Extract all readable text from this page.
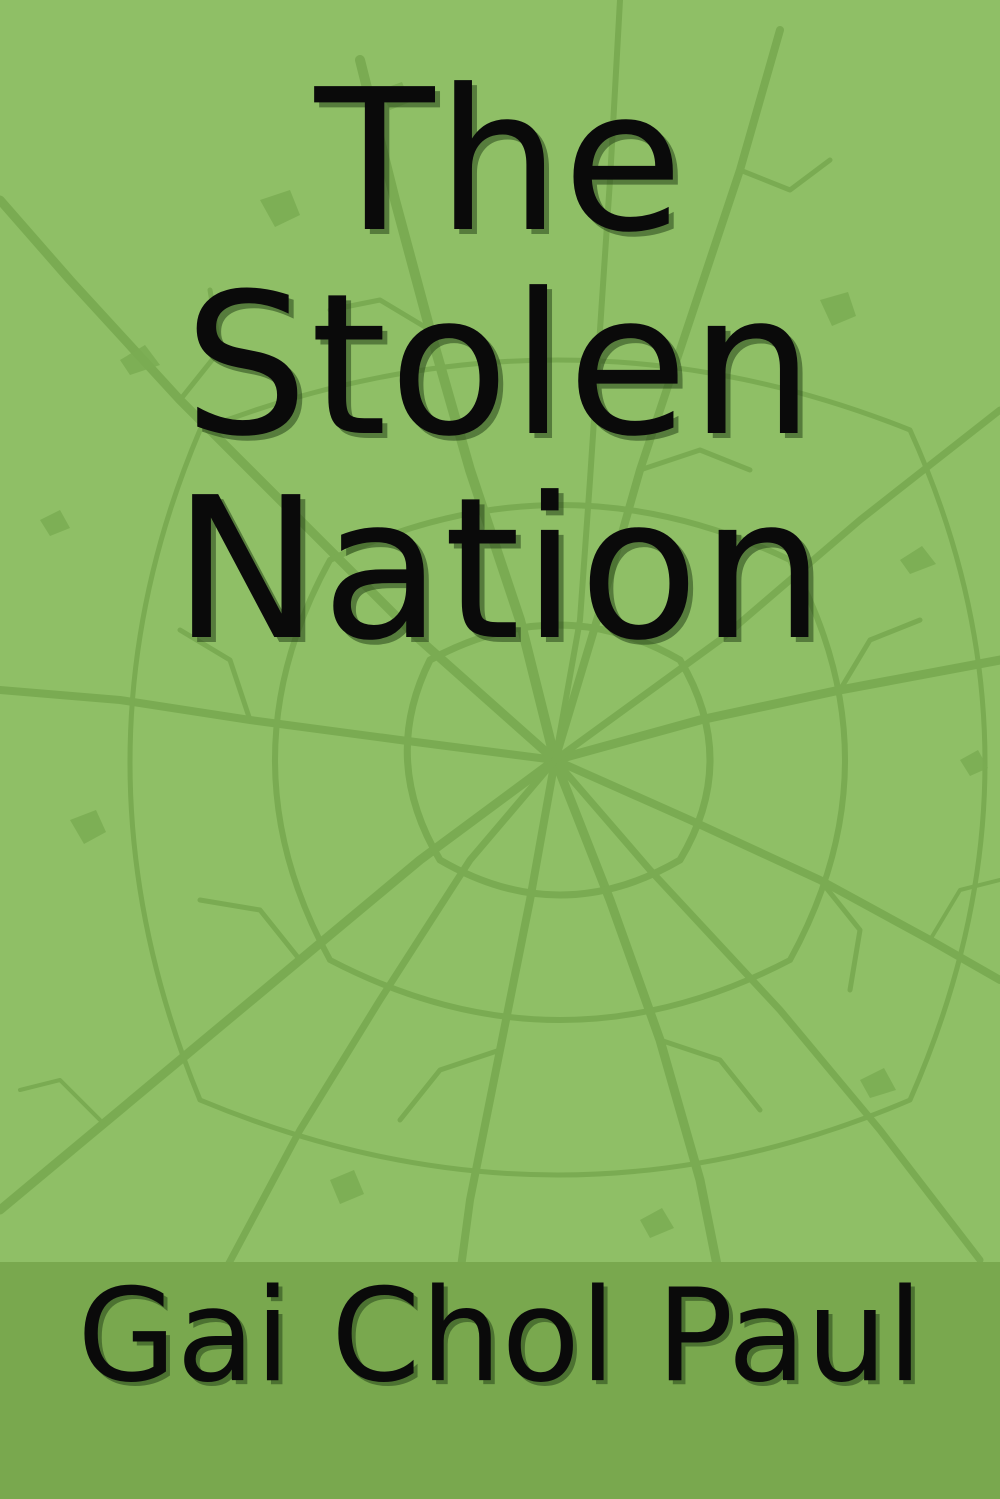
The
Stolen
Nation
Gai Chol Paul
